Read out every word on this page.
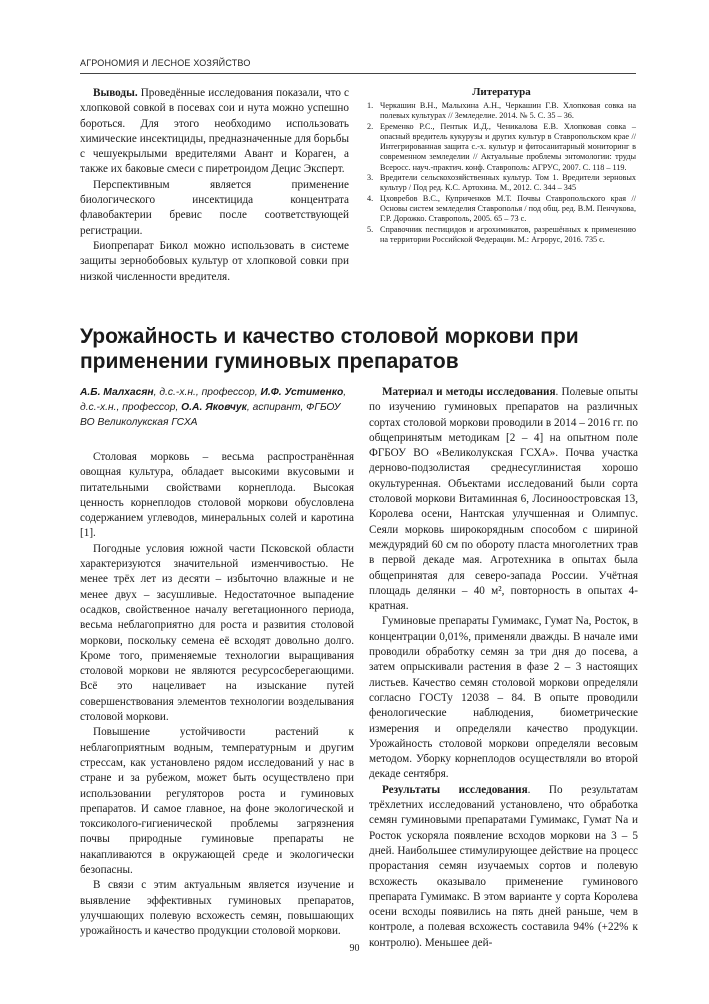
АГРОНОМИЯ И ЛЕСНОЕ ХОЗЯЙСТВО

Выводы. Проведённые исследования показали, что с хлопковой совкой в посевах сои и нута можно успешно бороться. Для этого необходимо использовать химические инсектициды, предназначенные для борьбы с чешуекрылыми вредителями Авант и Кораген, а также их баковые смеси с пиретроидом Децис Эксперт.

Перспективным является применение биологического инсектицида концентрата флавобактерии бревис после соответствующей регистрации.

Биопрепарат Бикол можно использовать в системе защиты зернобобовых культур от хлопковой совки при низкой численности вредителя.

Литература
1. Черкашин В.Н., Малыхина А.Н., Черкашин Г.В. Хлопковая совка на полевых культурах // Земледелие. 2014. № 5. С. 35 – 36.
2. Еременко Р.С., Пентык И.Д., Ченикалова Е.В. Хлопковая совка – опасный вредитель кукурузы и других культур в Ставропольском крае // Интегрированная защита с.-х. культур и фитосанитарный мониторинг в современном земледелии // Актуальные проблемы энтомологии: труды Всеросс. науч.-практич. конф. Ставрополь: АГРУС, 2007. С. 118 – 119.
3. Вредители сельскохозяйственных культур. Том 1. Вредители зерновых культур / Под ред. К.С. Артохина. М., 2012. С. 344 – 345
4. Цховребов В.С., Куприченков М.Т. Почвы Ставропольского края // Основы систем земледелия Ставрополья / под общ. ред. В.М. Пенчукова, Г.Р. Дорожко. Ставрополь, 2005. 65 – 73 с.
5. Справочник пестицидов и агрохимикатов, разрешённых к применению на территории Российской Федерации. М.: Агрорус, 2016. 735 с.
Урожайность и качество столовой моркови при применении гуминовых препаратов
А.Б. Малхасян, д.с.-х.н., профессор, И.Ф. Устименко, д.с.-х.н., профессор, О.А. Яковчук, аспирант, ФГБОУ ВО Великолукская ГСХА

Столовая морковь – весьма распространённая овощная культура, обладает высокими вкусовыми и питательными свойствами корнеплода. Высокая ценность корнеплодов столовой моркови обусловлена содержанием углеводов, минеральных солей и каротина [1].

Погодные условия южной части Псковской области характеризуются значительной изменчивостью. Не менее трёх лет из десяти – избыточно влажные и не менее двух – засушливые. Недостаточное выпадение осадков, свойственное началу вегетационного периода, весьма неблагоприятно для роста и развития столовой моркови, поскольку семена её всходят довольно долго. Кроме того, применяемые технологии выращивания столовой моркови не являются ресурсосберегающими. Всё это нацеливает на изыскание путей совершенствования элементов технологии возделывания столовой моркови.

Повышение устойчивости растений к неблагоприятным водным, температурным и другим стрессам, как установлено рядом исследований у нас в стране и за рубежом, может быть осуществлено при использовании регуляторов роста и гуминовых препаратов. И самое главное, на фоне экологической и токсиколого-гигиенической проблемы загрязнения почвы природные гуминовые препараты не накапливаются в окружающей среде и экологически безопасны.

В связи с этим актуальным является изучение и выявление эффективных гуминовых препаратов, улучшающих полевую всхожесть семян, повышающих урожайность и качество продукции столовой моркови.

Материал и методы исследования. Полевые опыты по изучению гуминовых препаратов на различных сортах столовой моркови проводили в 2014 – 2016 гг. по общепринятым методикам [2 – 4] на опытном поле ФГБОУ ВО «Великолукская ГСХА». Почва участка дерново-подзолистая среднесуглинистая хорошо окультуренная. Объектами исследований были сорта столовой моркови Витаминная 6, Лосиноостровская 13, Королева осени, Нантская улучшенная и Олимпус. Сеяли морковь широкорядным способом с шириной междурядий 60 см по обороту пласта многолетних трав в первой декаде мая. Агротехника в опытах была общепринятая для северо-запада России. Учётная площадь делянки – 40 м², повторность в опытах 4-кратная.

Гуминовые препараты Гумимакс, Гумат Na, Росток, в концентрации 0,01%, применяли дважды. В начале ими проводили обработку семян за три дня до посева, а затем опрыскивали растения в фазе 2 – 3 настоящих листьев. Качество семян столовой моркови определяли согласно ГОСТу 12038 – 84. В опыте проводили фенологические наблюдения, биометрические измерения и определяли качество продукции. Урожайность столовой моркови определяли весовым методом. Уборку корнеплодов осуществляли во второй декаде сентября.

Результаты исследования. По результатам трёхлетних исследований установлено, что обработка семян гуминовыми препаратами Гумимакс, Гумат Na и Росток ускоряла появление всходов моркови на 3 – 5 дней. Наибольшее стимулирующее действие на процесс прорастания семян изучаемых сортов и полевую всхожесть оказывало применение гуминового препарата Гумимакс. В этом варианте у сорта Королева осени всходы появились на пять дней раньше, чем в контроле, а полевая всхожесть составила 94% (+22% к контролю). Меньшее дей-

90
